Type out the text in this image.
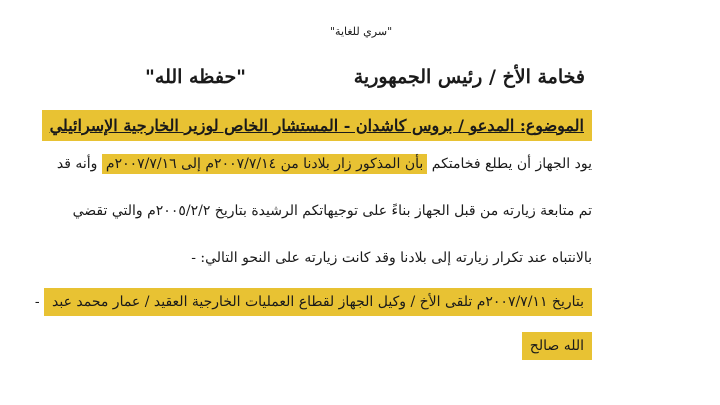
"سري للغاية"
فخامة الأخ / رئيس الجمهورية
"حفظه الله"
الموضوع: المدعو / بروس كاشدان - المستشار الخاص لوزير الخارجية الإسرائيلي
يود الجهاز أن يطلع فخامتكم بأن المذكور زار بلادنا من ٢٠٠٧/٧/١٤م إلى ٢٠٠٧/٧/١٦م وأنه قد
تم متابعة زيارته من قبل الجهاز بناءً على توجيهاتكم الرشيدة بتاريخ ٢٠٠٥/٢/٢م والتي تقضي
بالانتباه عند تكرار زيارته إلى بلادنا وقد كانت زيارته على النحو التالي: -
- بتاريخ ٢٠٠٧/٧/١١م تلقى الأخ / وكيل الجهاز لقطاع العمليات الخارجية العقيد / عمار محمد عبد
الله صالح
